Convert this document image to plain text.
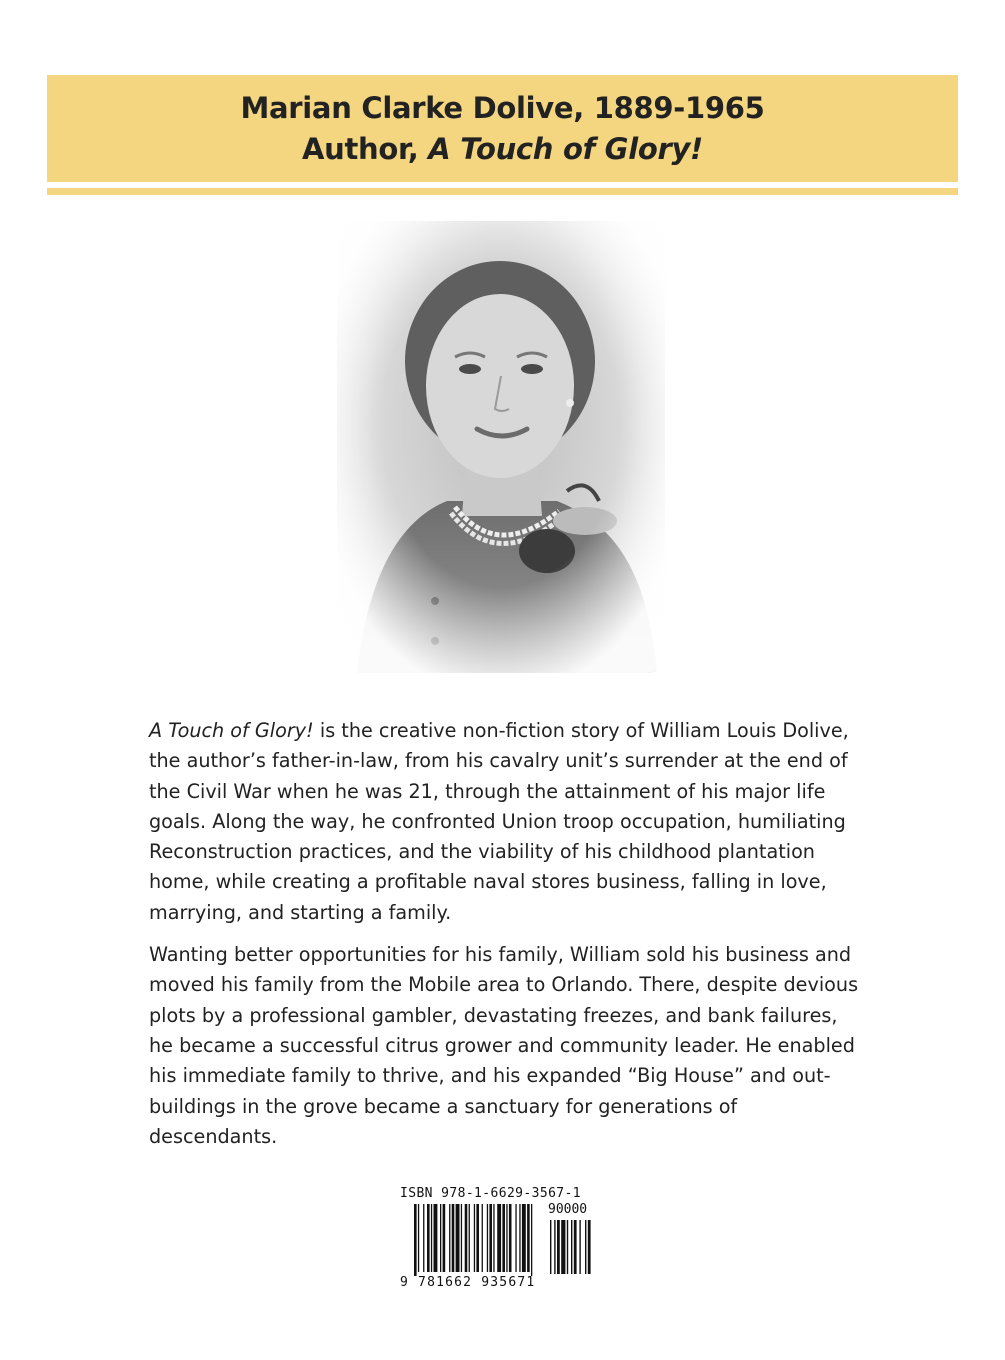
Marian Clarke Dolive, 1889-1965
Author, A Touch of Glory!

A Touch of Glory! is the creative non-fiction story of William Louis Dolive, the author’s father-in-law, from his cavalry unit’s surrender at the end of the Civil War when he was 21, through the attainment of his major life goals. Along the way, he confronted Union troop occupation, humiliating Reconstruction practices, and the viability of his childhood plantation home, while creating a profitable naval stores business, falling in love, marrying, and starting a family.

Wanting better opportunities for his family, William sold his business and moved his family from the Mobile area to Orlando. There, despite devious plots by a professional gambler, devastating freezes, and bank failures, he became a successful citrus grower and community leader. He enabled his immediate family to thrive, and his expanded “Big House” and out-buildings in the grove became a sanctuary for generations of descendants.

ISBN 978-1-6629-3567-1
90000
9 781662 935671
